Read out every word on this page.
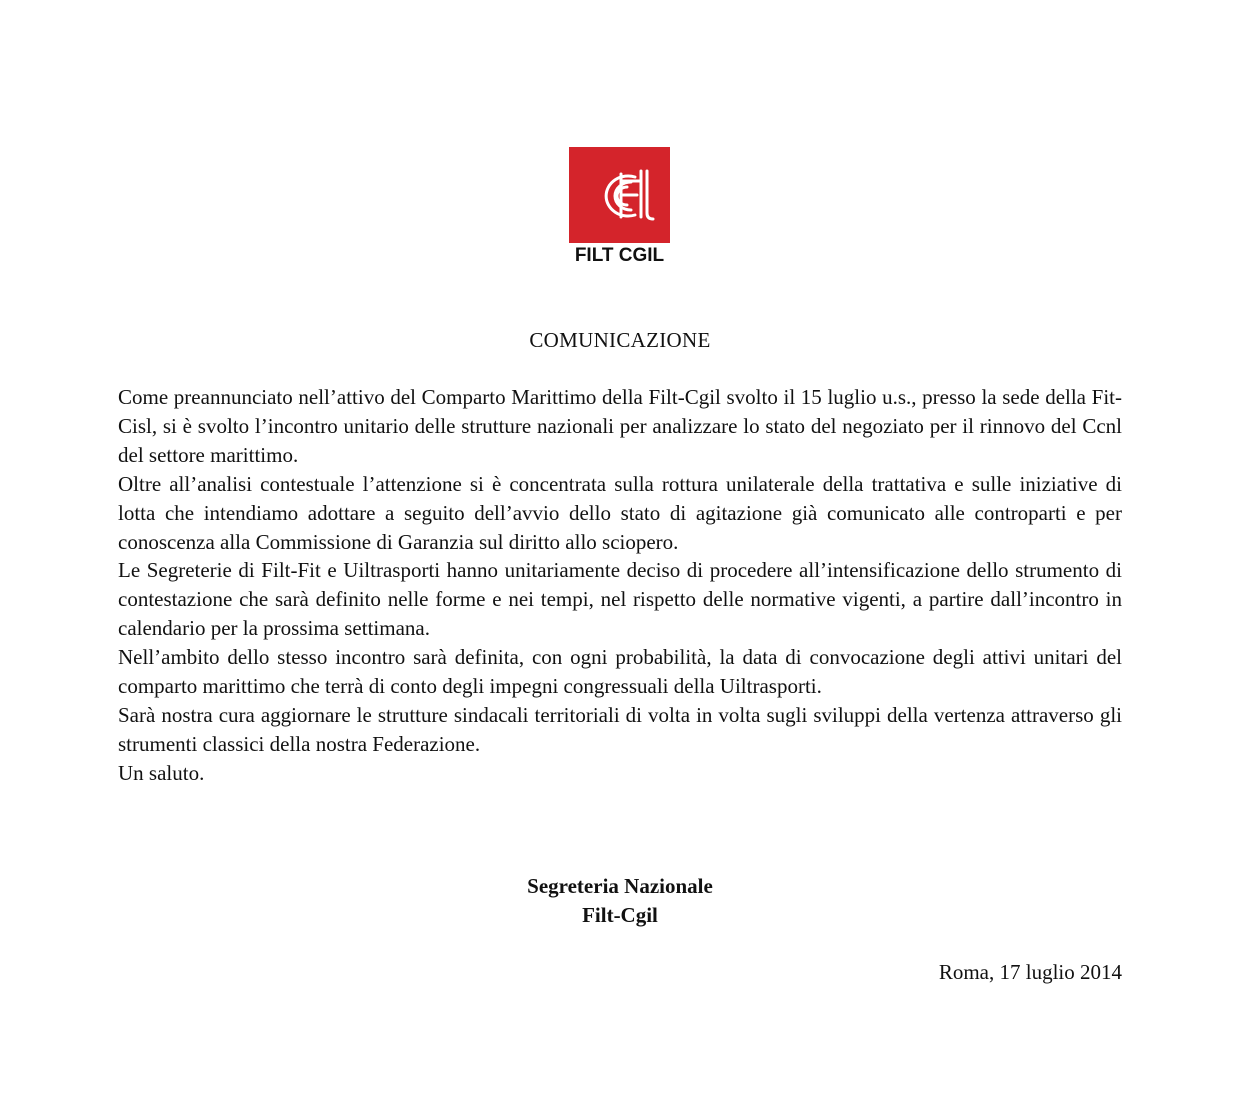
FILT CGIL
COMUNICAZIONE

Come preannunciato nell’attivo del Comparto Marittimo della Filt-Cgil svolto il 15 luglio u.s., presso la sede della Fit-Cisl, si è svolto l’incontro unitario delle strutture nazionali per analizzare lo stato del negoziato per il rinnovo del Ccnl del settore marittimo.

Oltre all’analisi contestuale l’attenzione si è concentrata sulla rottura unilaterale della trattativa e sulle iniziative di lotta che intendiamo adottare a seguito dell’avvio dello stato di agitazione già comunicato alle controparti e per conoscenza alla Commissione di Garanzia sul diritto allo sciopero.

Le Segreterie di Filt-Fit e Uiltrasporti hanno unitariamente deciso di procedere all’intensificazione dello strumento di contestazione che sarà definito nelle forme e nei tempi, nel rispetto delle normative vigenti, a partire dall’incontro in calendario per la prossima settimana.

Nell’ambito dello stesso incontro sarà definita, con ogni probabilità, la data di convocazione degli attivi unitari del comparto marittimo che terrà di conto degli impegni congressuali della Uiltrasporti.

Sarà nostra cura aggiornare le strutture sindacali territoriali di volta in volta sugli sviluppi della vertenza attraverso gli strumenti classici della nostra Federazione.

Un saluto.

Segreteria Nazionale
Filt-Cgil
Roma, 17 luglio 2014
